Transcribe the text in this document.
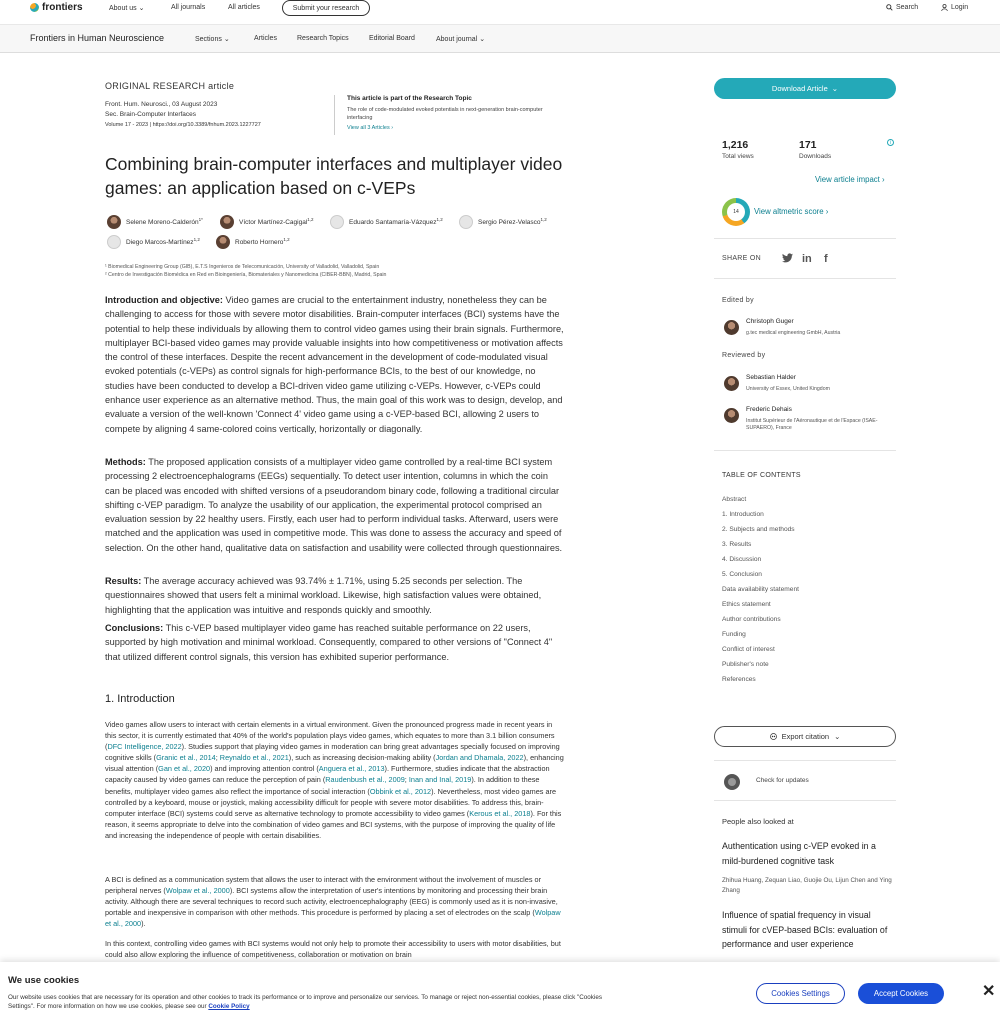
frontiers	About us ⌄	All journals	All articles	Submit your research	Search	Login
Frontiers in Human Neuroscience	Sections ⌄	Articles	Research Topics	Editorial Board	About journal ⌄
ORIGINAL RESEARCH article
Front. Hum. Neurosci., 03 August 2023
Sec. Brain-Computer Interfaces
Volume 17 - 2023 | https://doi.org/10.3389/fnhum.2023.1227727
This article is part of the Research Topic
The role of code-modulated evoked potentials in next-generation brain-computer interfacing
View all 3 Articles ›
Combining brain-computer interfaces and multiplayer video games: an application based on c-VEPs
Selene Moreno-Calderón$^{1*}$	Víctor Martínez-Cagigal$^{1,2}$	Eduardo Santamaría-Vázquez$^{1,2}$	Sergio Pérez-Velasco$^{1,2}$
Diego Marcos-Martínez$^{1,2}$	Roberto Hornero$^{1,2}$
¹ Biomedical Engineering Group (GIB), E.T.S Ingenieros de Telecomunicación, University of Valladolid, Valladolid, Spain
² Centro de Investigación Biomédica en Red en Bioingeniería, Biomateriales y Nanomedicina (CIBER-BBN), Madrid, Spain
Introduction and objective: Video games are crucial to the entertainment industry, nonetheless they can be challenging to access for those with severe motor disabilities. Brain-computer interfaces (BCI) systems have the potential to help these individuals by allowing them to control video games using their brain signals. Furthermore, multiplayer BCI-based video games may provide valuable insights into how competitiveness or motivation affects the control of these interfaces. Despite the recent advancement in the development of code-modulated visual evoked potentials (c-VEPs) as control signals for high-performance BCIs, to the best of our knowledge, no studies have been conducted to develop a BCI-driven video game utilizing c-VEPs. However, c-VEPs could enhance user experience as an alternative method. Thus, the main goal of this work was to design, develop, and evaluate a version of the well-known 'Connect 4' video game using a c-VEP-based BCI, allowing 2 users to compete by aligning 4 same-colored coins vertically, horizontally or diagonally.
Methods: The proposed application consists of a multiplayer video game controlled by a real-time BCI system processing 2 electroencephalograms (EEGs) sequentially. To detect user intention, columns in which the coin can be placed was encoded with shifted versions of a pseudorandom binary code, following a traditional circular shifting c-VEP paradigm. To analyze the usability of our application, the experimental protocol comprised an evaluation session by 22 healthy users. Firstly, each user had to perform individual tasks. Afterward, users were matched and the application was used in competitive mode. This was done to assess the accuracy and speed of selection. On the other hand, qualitative data on satisfaction and usability were collected through questionnaires.
Results: The average accuracy achieved was 93.74% ± 1.71%, using 5.25 seconds per selection. The questionnaires showed that users felt a minimal workload. Likewise, high satisfaction values were obtained, highlighting that the application was intuitive and responds quickly and smoothly.
Conclusions: This c-VEP based multiplayer video game has reached suitable performance on 22 users, supported by high motivation and minimal workload. Consequently, compared to other versions of "Connect 4" that utilized different control signals, this version has exhibited superior performance.
1. Introduction
Video games allow users to interact with certain elements in a virtual environment. Given the pronounced progress made in recent years in this sector, it is currently estimated that 40% of the world's population plays video games, which equates to more than 3.1 billion consumers (DFC Intelligence, 2022). Studies support that playing video games in moderation can bring great advantages specially focused on improving cognitive skills (Granic et al., 2014; Reynaldo et al., 2021), such as increasing decision-making ability (Jordan and Dhamala, 2022), enhancing visual attention (Gan et al., 2020) and improving attention control (Anguera et al., 2013). Furthermore, studies indicate that the abstraction capacity caused by video games can reduce the perception of pain (Raudenbush et al., 2009; Inan and Inal, 2019). In addition to these benefits, multiplayer video games also reflect the importance of social interaction (Obbink et al., 2012). Nevertheless, most video games are controlled by a keyboard, mouse or joystick, making accessibility difficult for people with severe motor disabilities. To address this, brain-computer interface (BCI) systems could serve as alternative technology to promote accessibility to video games (Kerous et al., 2018). For this reason, it seems appropriate to delve into the combination of video games and BCI systems, with the purpose of improving the quality of life and increasing the independence of people with certain disabilities.
A BCI is defined as a communication system that allows the user to interact with the environment without the involvement of muscles or peripheral nerves (Wolpaw et al., 2000). BCI systems allow the interpretation of user's intentions by monitoring and processing their brain activity. Although there are several techniques to record such activity, electroencephalography (EEG) is commonly used as it is non-invasive, portable and inexpensive in comparison with other methods. This procedure is performed by placing a set of electrodes on the scalp (Wolpaw et al., 2000).
In this context, controlling video games with BCI systems would not only help to promote their accessibility to users with motor disabilities, but could also allow exploring the influence of competitiveness, collaboration or motivation on brain
Download Article ⌄
1,216
Total views
171
Downloads
i
View article impact ›
14	View altmetric score ›
SHARE ON	in f
Edited by
Christoph Guger
g.tec medical engineering GmbH, Austria
Reviewed by
Sebastian Halder
University of Essex, United Kingdom
Frederic Dehais
Institut Supérieur de l'Aéronautique et de l'Espace (ISAE-SUPAERO), France
TABLE OF CONTENTS
Abstract
1. Introduction
2. Subjects and methods
3. Results
4. Discussion
5. Conclusion
Data availability statement
Ethics statement
Author contributions
Funding
Conflict of interest
Publisher's note
References
Export citation ⌄
Check for updates
People also looked at
Authentication using c-VEP evoked in a mild-burdened cognitive task
Zhihua Huang, Zequan Liao, Guojie Ou, Lijun Chen and Ying Zhang
Influence of spatial frequency in visual stimuli for cVEP-based BCIs: evaluation of performance and user experience
We use cookies
Our website uses cookies that are necessary for its operation and other cookies to track its performance or to improve and personalize our services. To manage or reject non-essential cookies, please click "Cookies Settings". For more information on how we use cookies, please see our Cookie Policy
Cookies Settings	Accept Cookies	✕
